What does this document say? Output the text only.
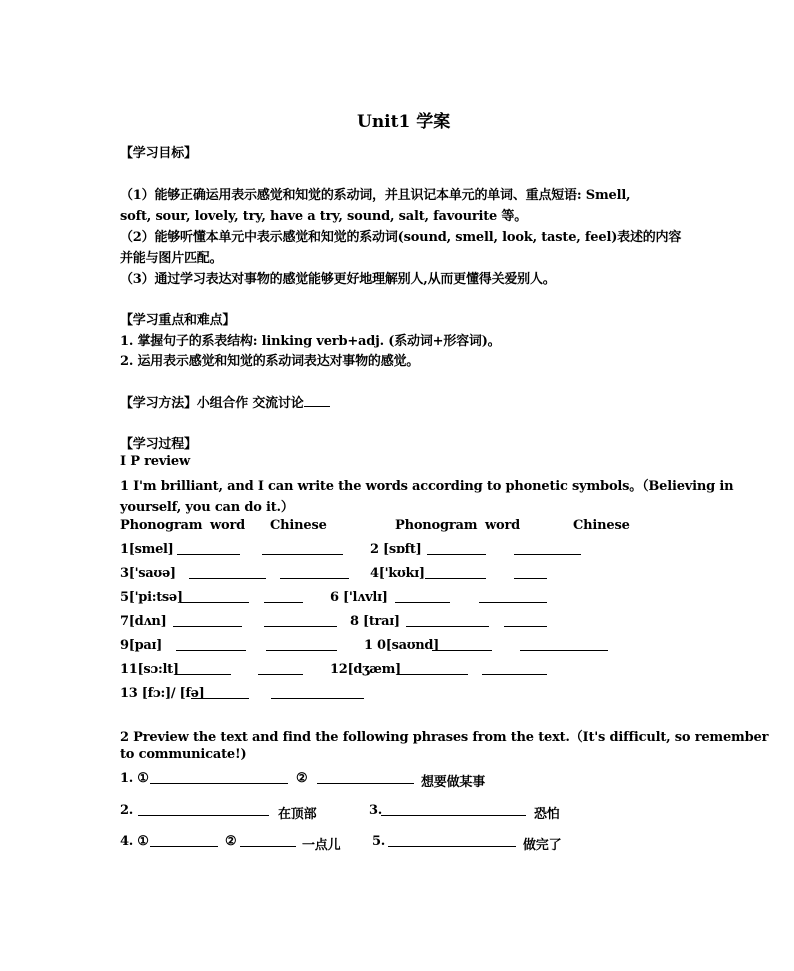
Unit1 学案
【学习目标】
（1）能够正确运用表示感觉和知觉的系动词，并且识记本单元的单词、重点短语: Smell,
soft, sour, lovely, try, have a try, sound, salt, favourite 等。
（2）能够听懂本单元中表示感觉和知觉的系动词(sound, smell, look, taste, feel)表述的内容
并能与图片匹配。
（3）通过学习表达对事物的感觉能够更好地理解别人,从而更懂得关爱别人。
【学习重点和难点】
1. 掌握句子的系表结构: linking verb+adj. (系动词+形容词)。
2. 运用表示感觉和知觉的系动词表达对事物的感觉。
【学习方法】小组合作 交流讨论
【学习过程】
I P review
1 I'm brilliant, and I can write the words according to phonetic symbols。（Believing in
yourself, you can do it.）
Phonogram word Chinese	Phonogram word	Chinese
1[smel]	2 [sɒft]
3['saʊə]	4['kʊkɪ]
5['pi:tsə]	6 ['lʌvlɪ]
7[dʌn]	8 [traɪ]
9[paɪ]	1 0[saʊnd]
11[sɔ:lt]	12[dʒæm]
13 [fɔ:]/ [fə]
2 Preview the text and find the following phrases from the text.（It's difficult, so remember
to communicate!)
1. ①	②	想要做某事
2.	在顶部	3.	恐怕
4. ①	②	一点儿 5.	做完了
